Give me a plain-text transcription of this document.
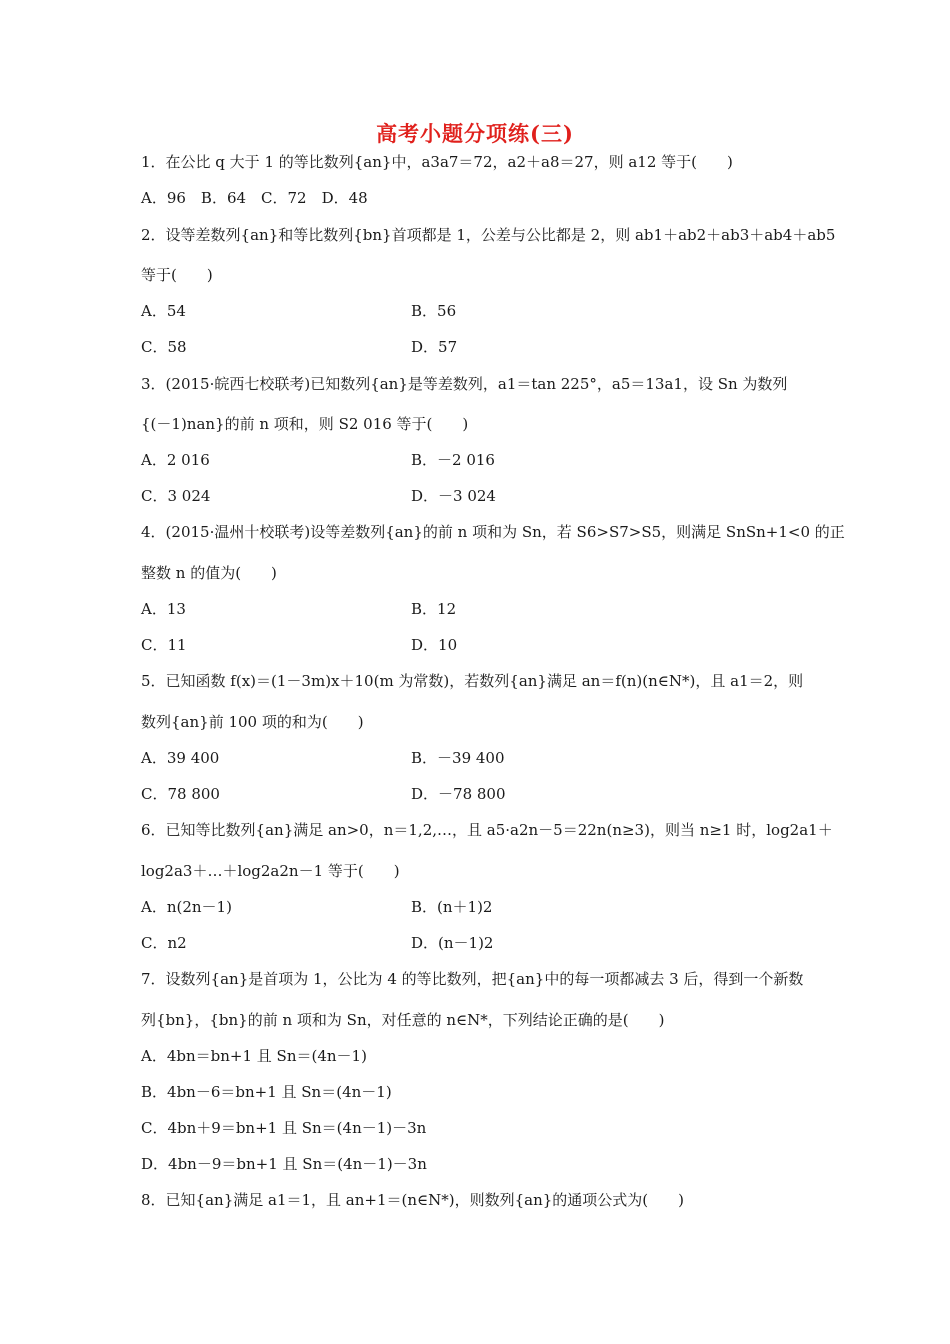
高考小题分项练(三)
1．在公比 q 大于 1 的等比数列{an}中，a3a7＝72，a2＋a8＝27，则 a12 等于(　　)
A．96　B．64　C．72　D．48
2．设等差数列{an}和等比数列{bn}首项都是 1，公差与公比都是 2，则 ab1＋ab2＋ab3＋ab4＋ab5
等于(　　)
A．54	B．56
C．58	D．57
3．(2015·皖西七校联考)已知数列{an}是等差数列，a1＝tan 225°，a5＝13a1，设 Sn 为数列
{(－1)nan}的前 n 项和，则 S2 016 等于(　　)
A．2 016	B．－2 016
C．3 024	D．－3 024
4．(2015·温州十校联考)设等差数列{an}的前 n 项和为 Sn，若 S6>S7>S5，则满足 SnSn+1<0 的正
整数 n 的值为(　　)
A．13	B．12
C．11	D．10
5．已知函数 f(x)＝(1－3m)x＋10(m 为常数)，若数列{an}满足 an＝f(n)(n∈N*)，且 a1＝2，则
数列{an}前 100 项的和为(　　)
A．39 400	B．－39 400
C．78 800	D．－78 800
6．已知等比数列{an}满足 an>0，n＝1,2,…，且 a5·a2n－5＝22n(n≥3)，则当 n≥1 时，log2a1＋
log2a3＋…＋log2a2n－1 等于(　　)
A．n(2n－1)	B．(n＋1)2
C．n2	D．(n－1)2
7．设数列{an}是首项为 1，公比为 4 的等比数列，把{an}中的每一项都减去 3 后，得到一个新数
列{bn}，{bn}的前 n 项和为 Sn，对任意的 n∈N*，下列结论正确的是(　　)
A．4bn＝bn+1 且 Sn＝(4n－1)
B．4bn－6＝bn+1 且 Sn＝(4n－1)
C．4bn＋9＝bn+1 且 Sn＝(4n－1)－3n
D．4bn－9＝bn+1 且 Sn＝(4n－1)－3n
8．已知{an}满足 a1＝1，且 an+1＝(n∈N*)，则数列{an}的通项公式为(　　)
